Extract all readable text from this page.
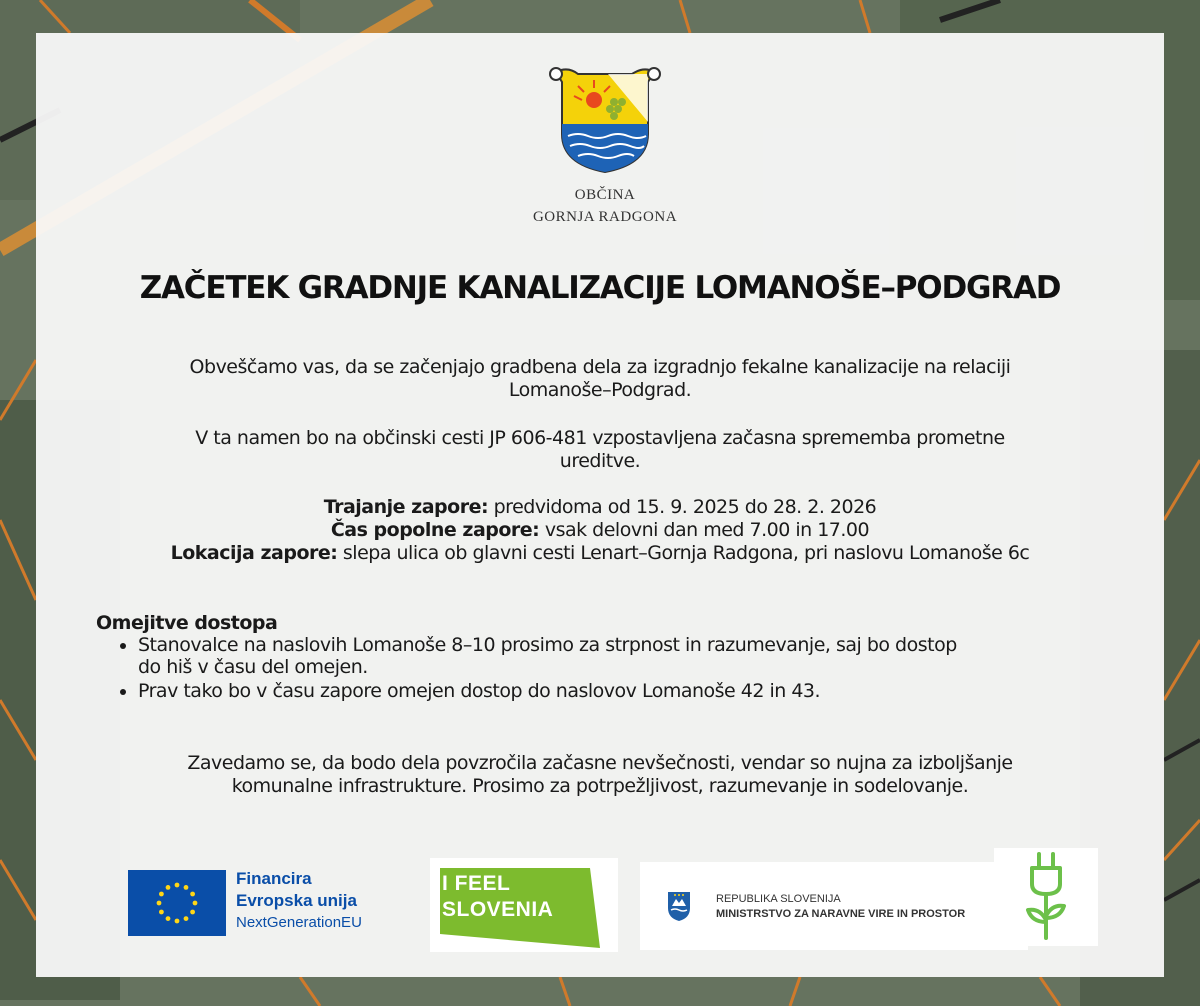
OBČINA
GORNJA RADGONA
ZAČETEK GRADNJE KANALIZACIJE LOMANOŠE–PODGRAD
Obveščamo vas, da se začenjajo gradbena dela za izgradnjo fekalne kanalizacije na relaciji
Lomanoše–Podgrad.
V ta namen bo na občinski cesti JP 606-481 vzpostavljena začasna sprememba prometne
ureditve.
Trajanje zapore: predvidoma od 15. 9. 2025 do 28. 2. 2026
Čas popolne zapore: vsak delovni dan med 7.00 in 17.00
Lokacija zapore: slepa ulica ob glavni cesti Lenart–Gornja Radgona, pri naslovu Lomanoše 6c
Omejitve dostopa
• Stanovalce na naslovih Lomanoše 8–10 prosimo za strpnost in razumevanje, saj bo dostop
do hiš v času del omejen.
• Prav tako bo v času zapore omejen dostop do naslovov Lomanoše 42 in 43.
Zavedamo se, da bodo dela povzročila začasne nevšečnosti, vendar so nujna za izboljšanje
komunalne infrastrukture. Prosimo za potrpežljivost, razumevanje in sodelovanje.
Financira
Evropska unija
NextGenerationEU
I FEEL
SLOVENIA	REPUBLIKA SLOVENIJA
MINISTRSTVO ZA NARAVNE VIRE IN PROSTOR
